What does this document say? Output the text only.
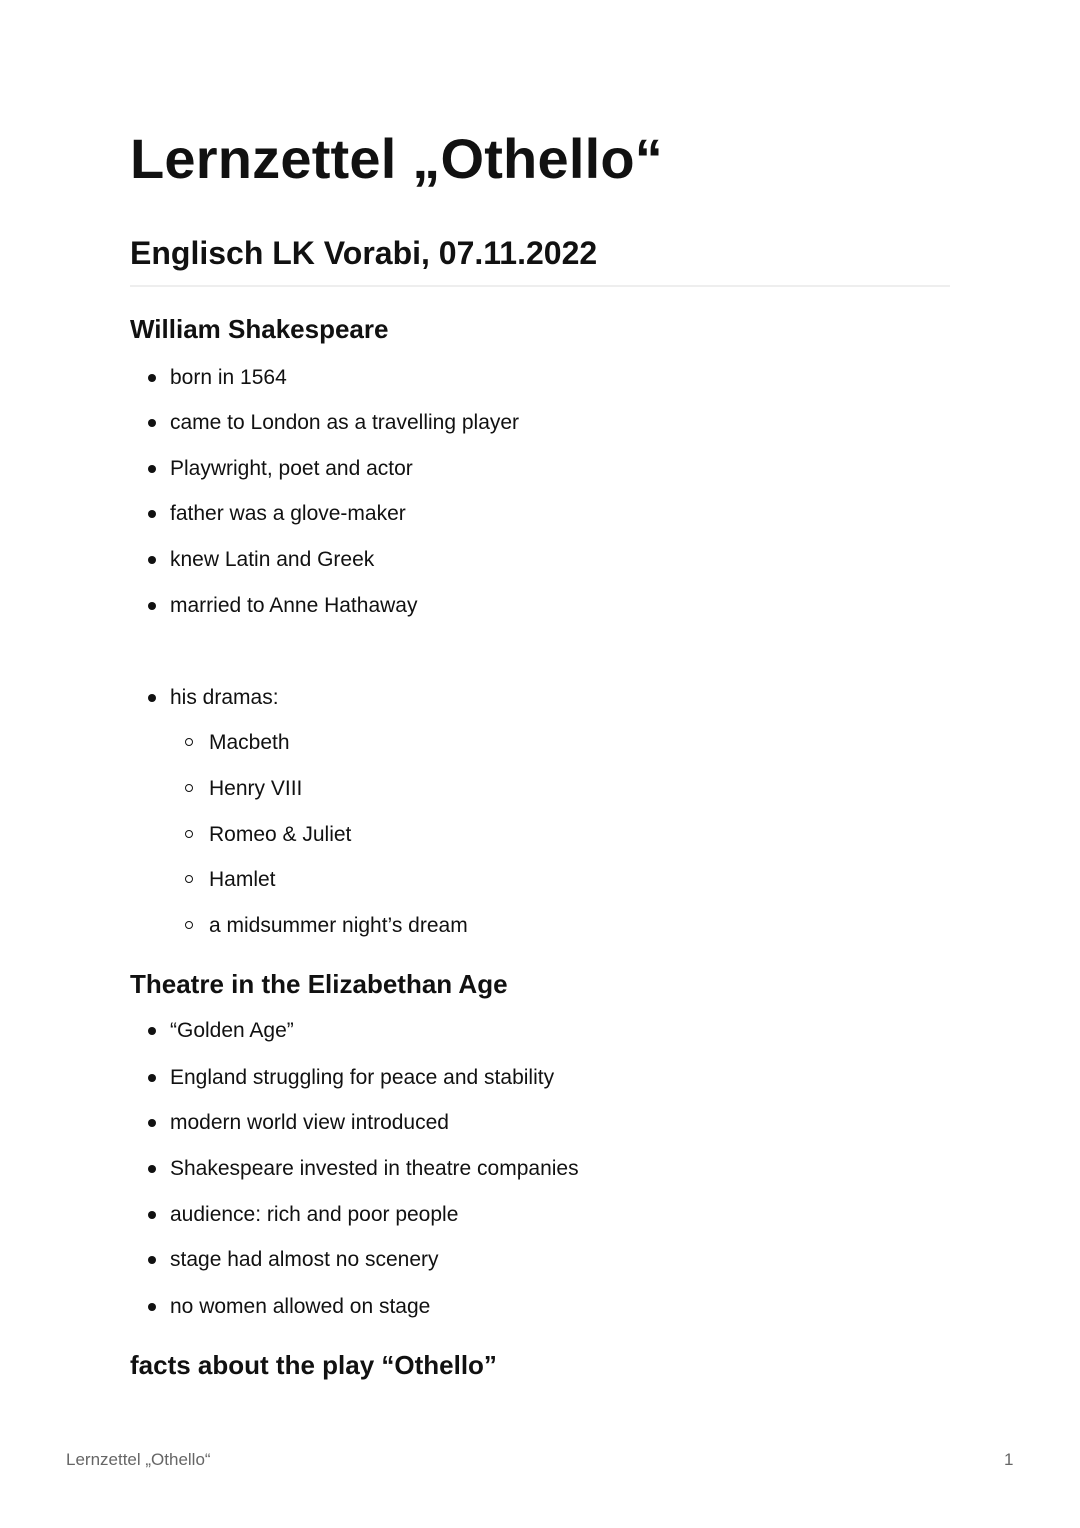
Lernzettel „Othello“
Englisch LK Vorabi, 07.11.2022
William Shakespeare
born in 1564
came to London as a travelling player
Playwright, poet and actor
father was a glove-maker
knew Latin and Greek
married to Anne Hathaway
his dramas:
Macbeth
Henry VIII
Romeo & Juliet
Hamlet
a midsummer night’s dream
Theatre in the Elizabethan Age
“Golden Age”
England struggling for peace and stability
modern world view introduced
Shakespeare invested in theatre companies
audience: rich and poor people
stage had almost no scenery
no women allowed on stage
facts about the play “Othello”
Lernzettel „Othello“	1
